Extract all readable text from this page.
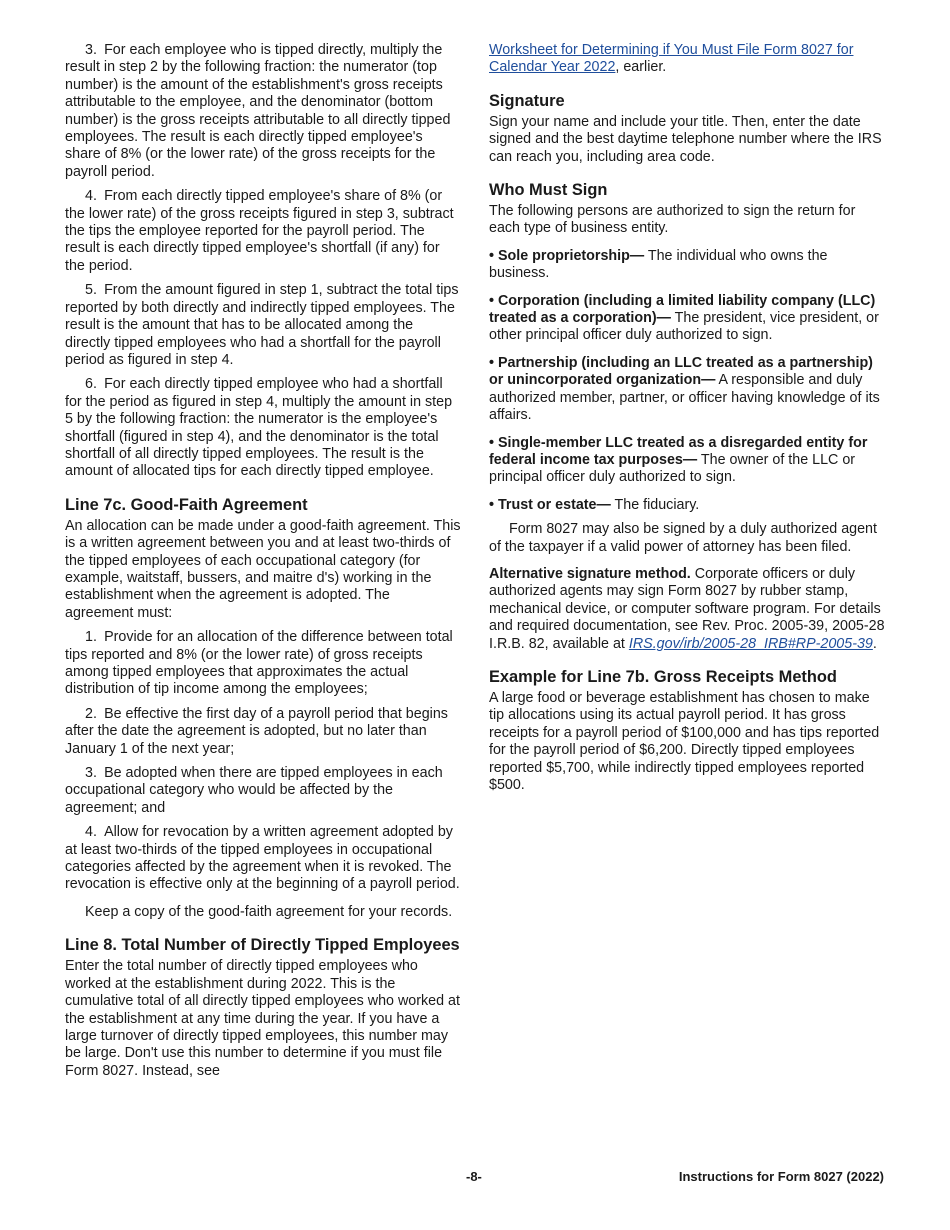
3. For each employee who is tipped directly, multiply the result in step 2 by the following fraction: the numerator (top number) is the amount of the establishment's gross receipts attributable to the employee, and the denominator (bottom number) is the gross receipts attributable to all directly tipped employees. The result is each directly tipped employee's share of 8% (or the lower rate) of the gross receipts for the payroll period.

4. From each directly tipped employee's share of 8% (or the lower rate) of the gross receipts figured in step 3, subtract the tips the employee reported for the payroll period. The result is each directly tipped employee's shortfall (if any) for the period.

5. From the amount figured in step 1, subtract the total tips reported by both directly and indirectly tipped employees. The result is the amount that has to be allocated among the directly tipped employees who had a shortfall for the payroll period as figured in step 4.

6. For each directly tipped employee who had a shortfall for the period as figured in step 4, multiply the amount in step 5 by the following fraction: the numerator is the employee's shortfall (figured in step 4), and the denominator is the total shortfall of all directly tipped employees. The result is the amount of allocated tips for each directly tipped employee.

Line 7c. Good-Faith Agreement

An allocation can be made under a good-faith agreement. This is a written agreement between you and at least two-thirds of the tipped employees of each occupational category (for example, waitstaff, bussers, and maitre d's) working in the establishment when the agreement is adopted. The agreement must:

1. Provide for an allocation of the difference between total tips reported and 8% (or the lower rate) of gross receipts among tipped employees that approximates the actual distribution of tip income among the employees;

2. Be effective the first day of a payroll period that begins after the date the agreement is adopted, but no later than January 1 of the next year;

3. Be adopted when there are tipped employees in each occupational category who would be affected by the agreement; and

4. Allow for revocation by a written agreement adopted by at least two-thirds of the tipped employees in occupational categories affected by the agreement when it is revoked. The revocation is effective only at the beginning of a payroll period.

Keep a copy of the good-faith agreement for your records.

Line 8. Total Number of Directly Tipped Employees

Enter the total number of directly tipped employees who worked at the establishment during 2022. This is the cumulative total of all directly tipped employees who worked at the establishment at any time during the year. If you have a large turnover of directly tipped employees, this number may be large. Don't use this number to determine if you must file Form 8027. Instead, see

Worksheet for Determining if You Must File Form 8027 for Calendar Year 2022, earlier.

Signature

Sign your name and include your title. Then, enter the date signed and the best daytime telephone number where the IRS can reach you, including area code.

Who Must Sign

The following persons are authorized to sign the return for each type of business entity.

• Sole proprietorship— The individual who owns the business.

• Corporation (including a limited liability company (LLC) treated as a corporation)— The president, vice president, or other principal officer duly authorized to sign.

• Partnership (including an LLC treated as a partnership) or unincorporated organization— A responsible and duly authorized member, partner, or officer having knowledge of its affairs.

• Single-member LLC treated as a disregarded entity for federal income tax purposes— The owner of the LLC or principal officer duly authorized to sign.

• Trust or estate— The fiduciary.

Form 8027 may also be signed by a duly authorized agent of the taxpayer if a valid power of attorney has been filed.

Alternative signature method. Corporate officers or duly authorized agents may sign Form 8027 by rubber stamp, mechanical device, or computer software program. For details and required documentation, see Rev. Proc. 2005-39, 2005-28 I.R.B. 82, available at IRS.gov/irb/2005-28_IRB#RP-2005-39.

Example for Line 7b. Gross Receipts Method

A large food or beverage establishment has chosen to make tip allocations using its actual payroll period. It has gross receipts for a payroll period of $100,000 and has tips reported for the payroll period of $6,200. Directly tipped employees reported $5,700, while indirectly tipped employees reported $500.

-8-	Instructions for Form 8027 (2022)
